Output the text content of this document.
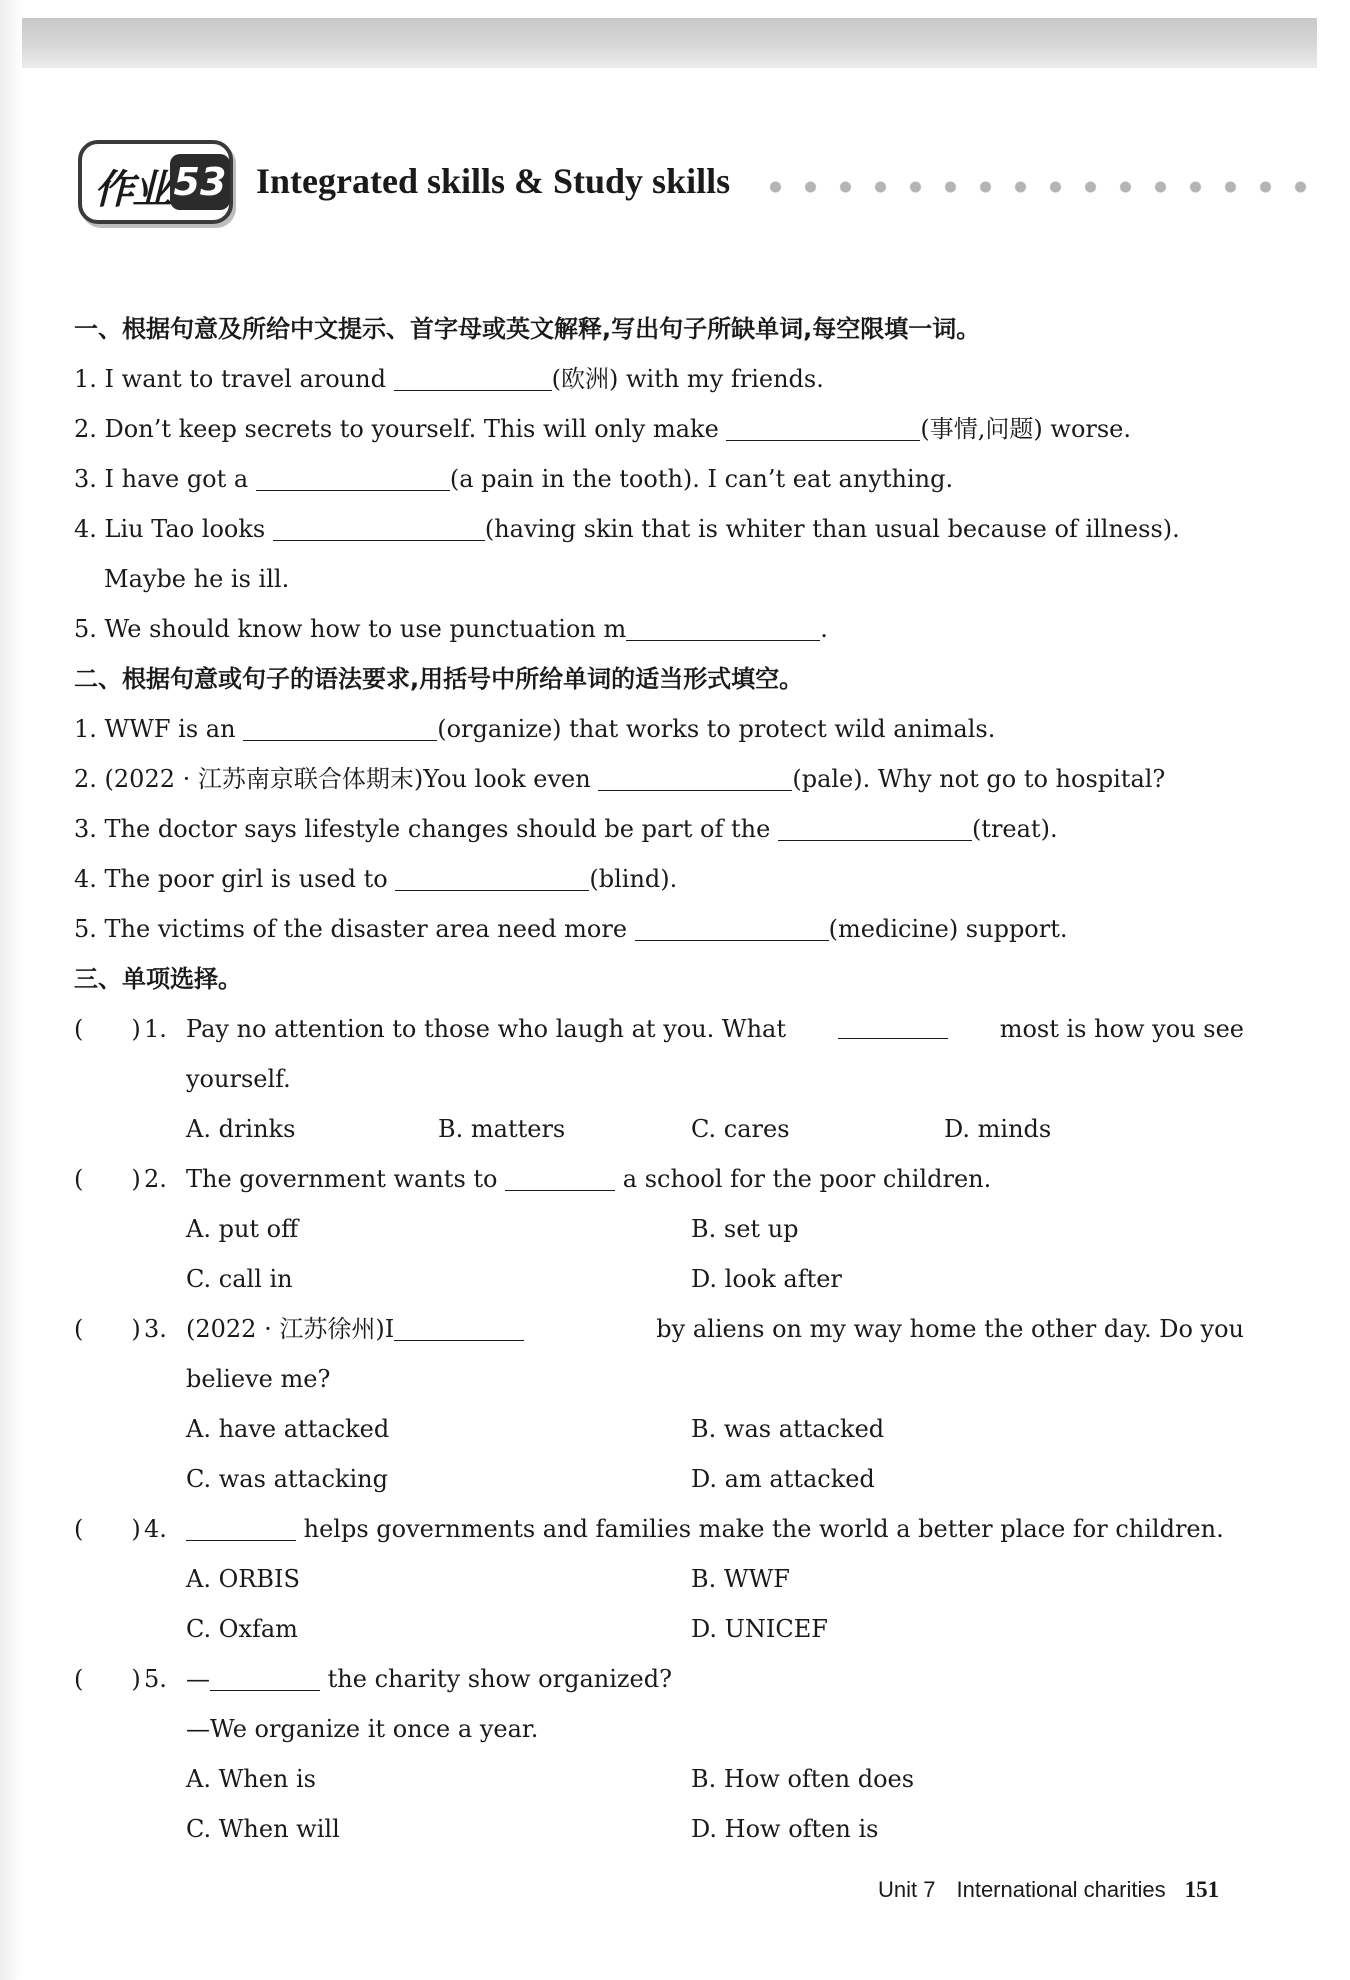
作业 53 Integrated skills & Study skills
一、根据句意及所给中文提示、首字母或英文解释,写出句子所缺单词,每空限填一词。
1. I want to travel around	(欧洲) with my friends.
2. Don’t keep secrets to yourself. This will only make	(事情,问题) worse.
3. I have got a	(a pain in the tooth). I can’t eat anything.
4. Liu Tao looks	(having skin that is whiter than usual because of illness).
Maybe he is ill.
5. We should know how to use punctuation m	.
二、根据句意或句子的语法要求,用括号中所给单词的适当形式填空。
1. WWF is an	(organize) that works to protect wild animals.
2. (2022 · 江苏南京联合体期末)You look even	(pale). Why not go to hospital?
3. The doctor says lifestyle changes should be part of the	(treat).
4. The poor girl is used to	(blind).
5. The victims of the disaster area need more	(medicine) support.
三、单项选择。
(　　) 1. Pay no attention to those who laugh at you. What	most is how you see
yourself.
A. drinks	B. matters	C. cares	D. minds
(　　) 2. The government wants to	a school for the poor children.
A. put off	B. set up
C. call in	D. look after
(　　) 3. (2022 · 江苏徐州)I	by aliens on my way home the other day. Do you
believe me?
A. have attacked	B. was attacked
C. was attacking	D. am attacked
(　　) 4.	helps governments and families make the world a better place for children.
A. ORBIS	B. WWF
C. Oxfam	D. UNICEF
(　　) 5. —	the charity show organized?
—We organize it once a year.
A. When is	B. How often does
C. When will	D. How often is
Unit 7 International charities 151
